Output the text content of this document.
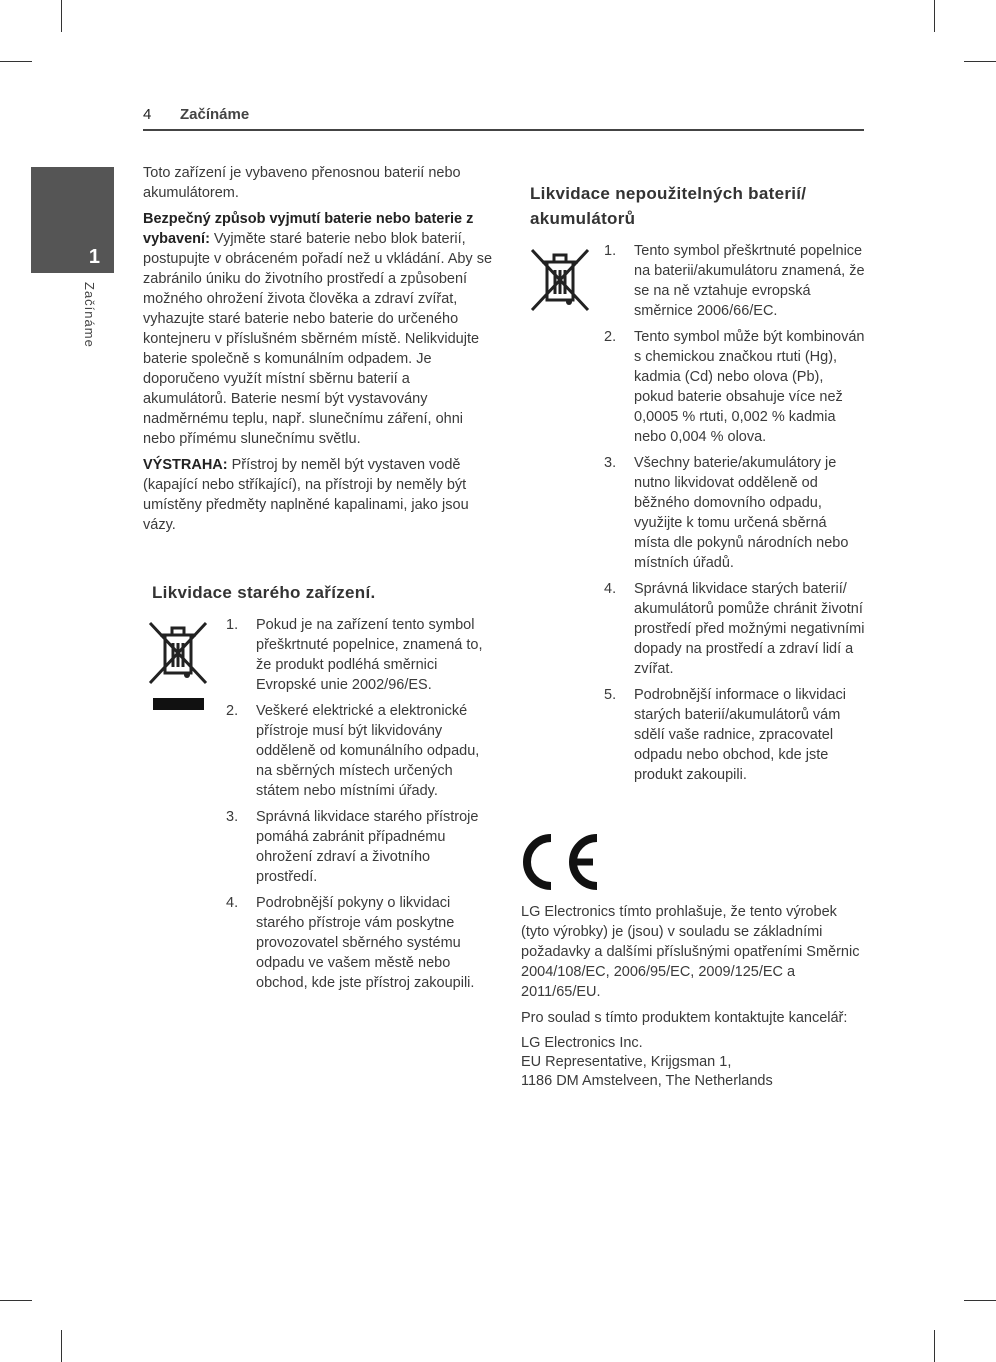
4 Začínáme
1
Začínáme

Toto zařízení je vybaveno přenosnou baterií nebo akumulátorem.

Bezpečný způsob vyjmutí baterie nebo baterie z vybavení: Vyjměte staré baterie nebo blok baterií, postupujte v obráceném pořadí než u vkládání. Aby se zabránilo úniku do životního prostředí a způsobení možného ohrožení života člověka a zdraví zvířat, vyhazujte staré baterie nebo baterie do určeného kontejneru v příslušném sběrném místě. Nelikvidujte baterie společně s komunálním odpadem. Je doporučeno využít místní sběrnu baterií a akumulátorů. Baterie nesmí být vystavovány nadměrnému teplu, např. slunečnímu záření, ohni nebo přímému slunečnímu světlu.

VÝSTRAHA: Přístroj by neměl být vystaven vodě (kapající nebo stříkající), na přístroji by neměly být umístěny předměty naplněné kapalinami, jako jsou vázy.

Likvidace starého zařízení.
1. Pokud je na zařízení tento symbol přeškrtnuté popelnice, znamená to, že produkt podléhá směrnici Evropské unie 2002/96/ES.
2. Veškeré elektrické a elektronické přístroje musí být likvidovány odděleně od komunálního odpadu, na sběrných místech určených státem nebo místními úřady.
3. Správná likvidace starého přístroje pomáhá zabránit případnému ohrožení zdraví a životního prostředí.
4. Podrobnější pokyny o likvidaci starého přístroje vám poskytne provozovatel sběrného systému odpadu ve vašem městě nebo obchod, kde jste přístroj zakoupili.
Likvidace nepoužitelných baterií/ akumulátorů
1. Tento symbol přeškrtnuté popelnice na baterii/akumulátoru znamená, že se na ně vztahuje evropská směrnice 2006/66/EC.
2. Tento symbol může být kombinován s chemickou značkou rtuti (Hg), kadmia (Cd) nebo olova (Pb), pokud baterie obsahuje více než 0,0005 % rtuti, 0,002 % kadmia nebo 0,004 % olova.
3. Všechny baterie/akumulátory je nutno likvidovat odděleně od běžného domovního odpadu, využijte k tomu určená sběrná místa dle pokynů národních nebo místních úřadů.
4. Správná likvidace starých baterií/ akumulátorů pomůže chránit životní prostředí před možnými negativními dopady na prostředí a zdraví lidí a zvířat.
5. Podrobnější informace o likvidaci starých baterií/akumulátorů vám sdělí vaše radnice, zpracovatel odpadu nebo obchod, kde jste produkt zakoupili.

LG Electronics tímto prohlašuje, že tento výrobek (tyto výrobky) je (jsou) v souladu se základními požadavky a dalšími příslušnými opatřeními Směrnic 2004/108/EC, 2006/95/EC, 2009/125/EC a 2011/65/EU.

Pro soulad s tímto produktem kontaktujte kancelář:

LG Electronics Inc.

EU Representative, Krijgsman 1,

1186 DM Amstelveen, The Netherlands
